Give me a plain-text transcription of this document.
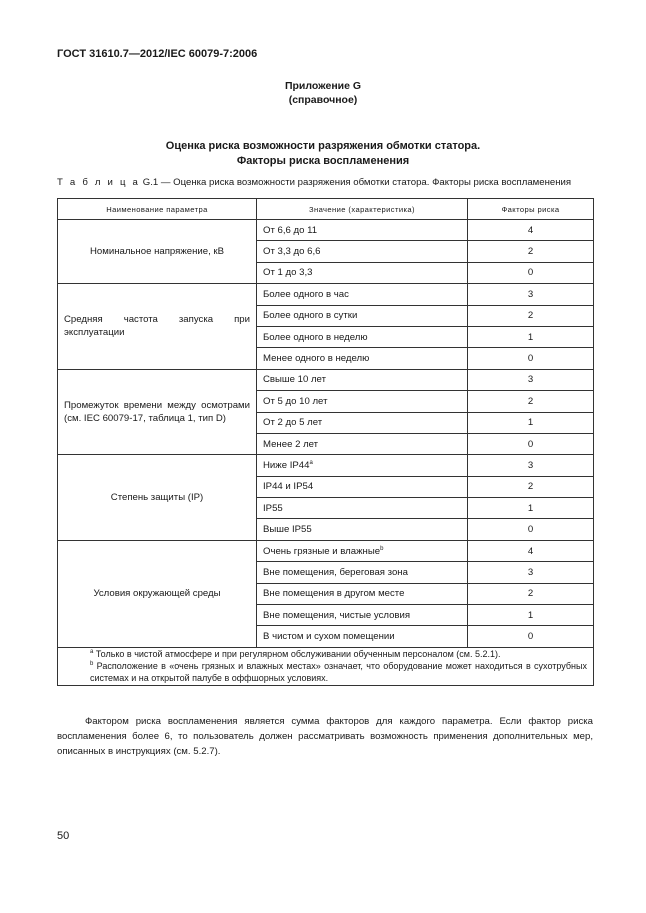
ГОСТ 31610.7—2012/IEC 60079-7:2006
Приложение G
(справочное)
Оценка риска возможности разряжения обмотки статора.
Факторы риска воспламенения
Т а б л и ц а G.1 — Оценка риска возможности разряжения обмотки статора. Факторы риска воспламенения
Наименование параметра	Значение (характеристика)	Факторы риска
Номинальное напряжение, кВ	От 6,6 до 11	4
	От 3,3 до 6,6	2
	От 1 до 3,3	0
Средняя частота запуска при эксплуатации	Более одного в час	3
	Более одного в сутки	2
	Более одного в неделю	1
	Менее одного в неделю	0
Промежуток времени между осмотрами (см. IEC 60079-17, таблица 1, тип D)	Свыше 10 лет	3
	От 5 до 10 лет	2
	От 2 до 5 лет	1
	Менее 2 лет	0
Степень защиты (IP)	Ниже IP44$^a$	3
	IP44 и IP54	2
	IP55	1
	Выше IP55	0
Условия окружающей среды	Очень грязные и влажные$^b$	4
	Вне помещения, береговая зона	3
	Вне помещения в другом месте	2
	Вне помещения, чистые условия	1
	В чистом и сухом помещении	0

$^a$ Только в чистой атмосфере и при регулярном обслуживании обученным персоналом (см. 5.2.1).
$^b$ Расположение в «очень грязных и влажных местах» означает, что оборудование может находиться в сухотрубных системах и на открытой палубе в оффшорных условиях.		
Фактором риска воспламенения является сумма факторов для каждого параметра. Если фактор риска воспламенения более 6, то пользователь должен рассматривать возможность применения дополнительных мер, описанных в инструкциях (см. 5.2.7).
50
